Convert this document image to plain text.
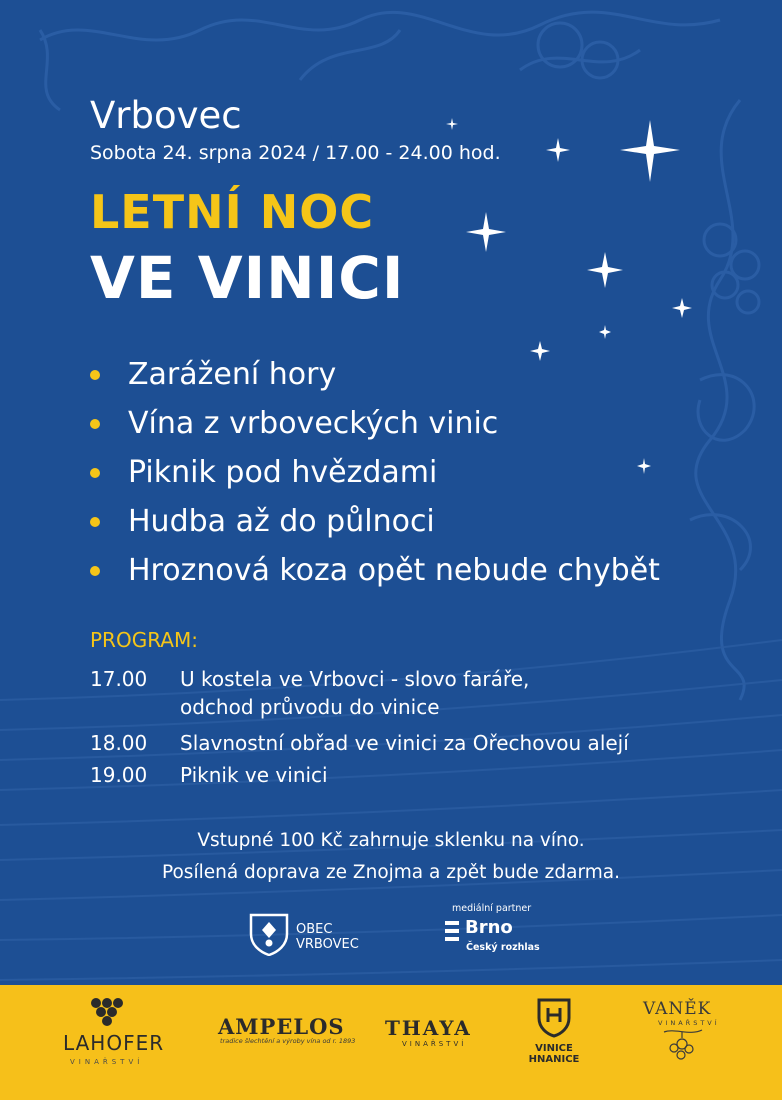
Vrbovec
Sobota 24. srpna 2024 / 17.00 - 24.00 hod.
LETNÍ NOC
VE VINICI
Zarážení hory
Vína z vrboveckých vinic
Piknik pod hvězdami
Hudba až do půlnoci
Hroznová koza opět nebude chybět
PROGRAM:
17.00	U kostela ve Vrbovci - slovo faráře,
odchod průvodu do vinice
18.00	Slavnostní obřad ve vinici za Ořechovou alejí
19.00	Piknik ve vinici
Vstupné 100 Kč zahrnuje sklenku na víno.
Posílená doprava ze Znojma a zpět bude zdarma.
OBEC
VRBOVEC
mediální partner
Brno
Český rozhlas
LAHOFER
VINAŘSTVÍ
AMPELOS
tradice šlechtění a výroby vína od r. 1893
THAYA
VINAŘSTVÍ	VINICE
HNANICE
VANĚK
VINAŘSTVÍ
